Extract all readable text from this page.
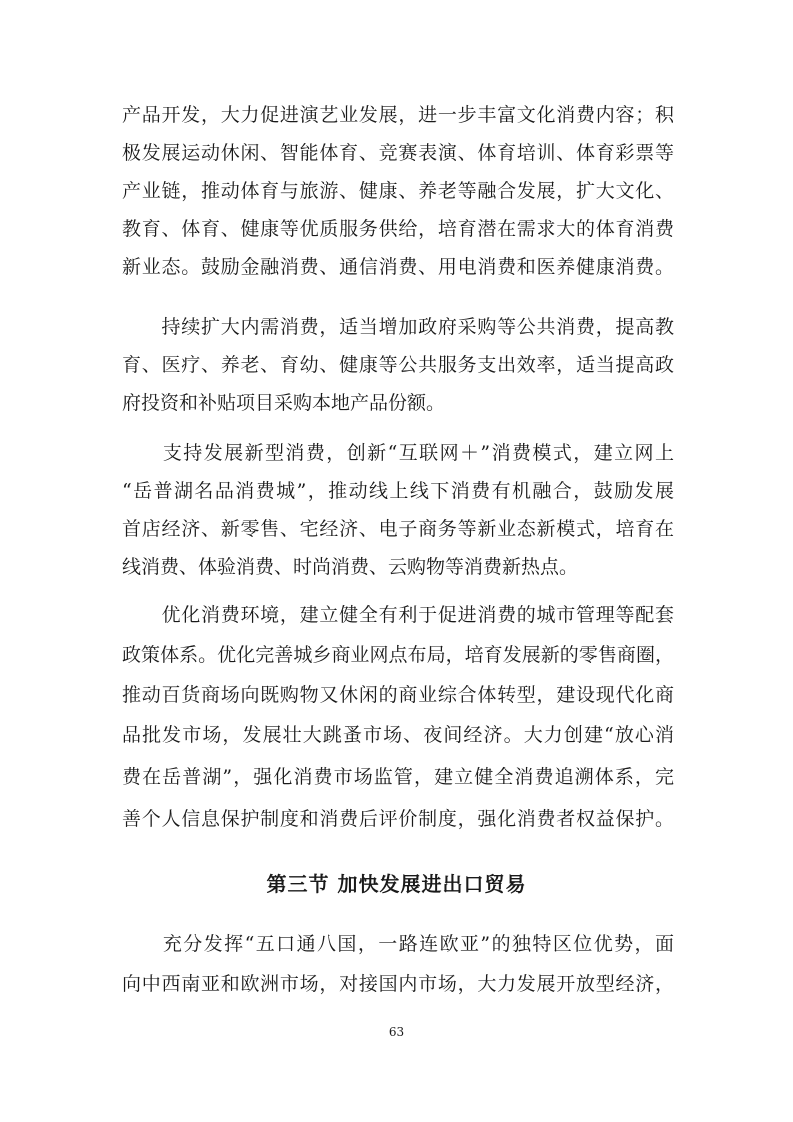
产品开发，大力促进演艺业发展，进一步丰富文化消费内容；积
极发展运动休闲、智能体育、竞赛表演、体育培训、体育彩票等
产业链，推动体育与旅游、健康、养老等融合发展，扩大文化、
教育、体育、健康等优质服务供给，培育潜在需求大的体育消费
新业态。鼓励金融消费、通信消费、用电消费和医养健康消费。
　　持续扩大内需消费，适当增加政府采购等公共消费，提高教
育、医疗、养老、育幼、健康等公共服务支出效率，适当提高政
府投资和补贴项目采购本地产品份额。
　　支持发展新型消费，创新“互联网＋”消费模式，建立网上
“岳普湖名品消费城”，推动线上线下消费有机融合，鼓励发展
首店经济、新零售、宅经济、电子商务等新业态新模式，培育在
线消费、体验消费、时尚消费、云购物等消费新热点。
　　优化消费环境，建立健全有利于促进消费的城市管理等配套
政策体系。优化完善城乡商业网点布局，培育发展新的零售商圈，
推动百货商场向既购物又休闲的商业综合体转型，建设现代化商
品批发市场，发展壮大跳蚤市场、夜间经济。大力创建“放心消
费在岳普湖”，强化消费市场监管，建立健全消费追溯体系，完
善个人信息保护制度和消费后评价制度，强化消费者权益保护。
第三节 加快发展进出口贸易
　　充分发挥“五口通八国，一路连欧亚”的独特区位优势，面
向中西南亚和欧洲市场，对接国内市场，大力发展开放型经济，
63
